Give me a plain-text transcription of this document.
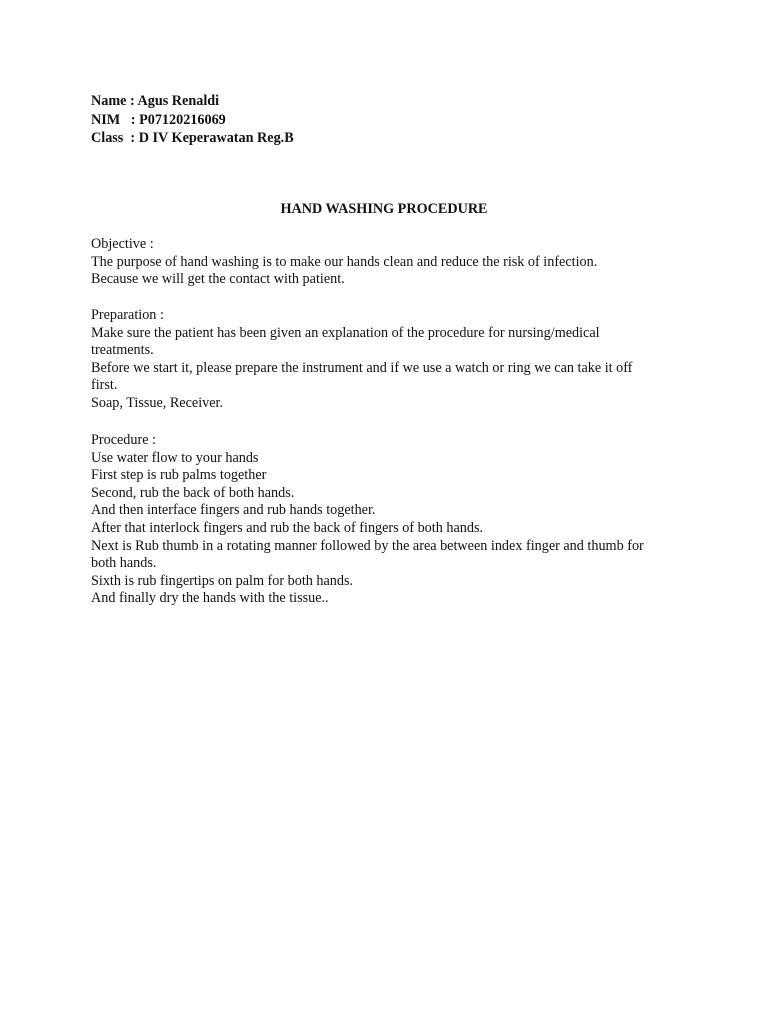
Name : Agus Renaldi
NIM   : P07120216069
Class  : D IV Keperawatan Reg.B
HAND WASHING PROCEDURE
Objective :
The purpose of hand washing is to make our hands clean and reduce the risk of infection.
Because we will get the contact with patient.
Preparation :
Make sure the patient has been given an explanation of the procedure for nursing/medical
treatments.
Before we start it, please prepare the instrument and if we use a watch or ring we can take it off
first.
Soap, Tissue, Receiver.
Procedure :
Use water flow to your hands
First step is rub palms together
Second, rub the back of both hands.
And then interface fingers and rub hands together.
After that interlock fingers and rub the back of fingers of both hands.
Next is Rub thumb in a rotating manner followed by the area between index finger and thumb for
both hands.
Sixth is rub fingertips on palm for both hands.
And finally dry the hands with the tissue..
